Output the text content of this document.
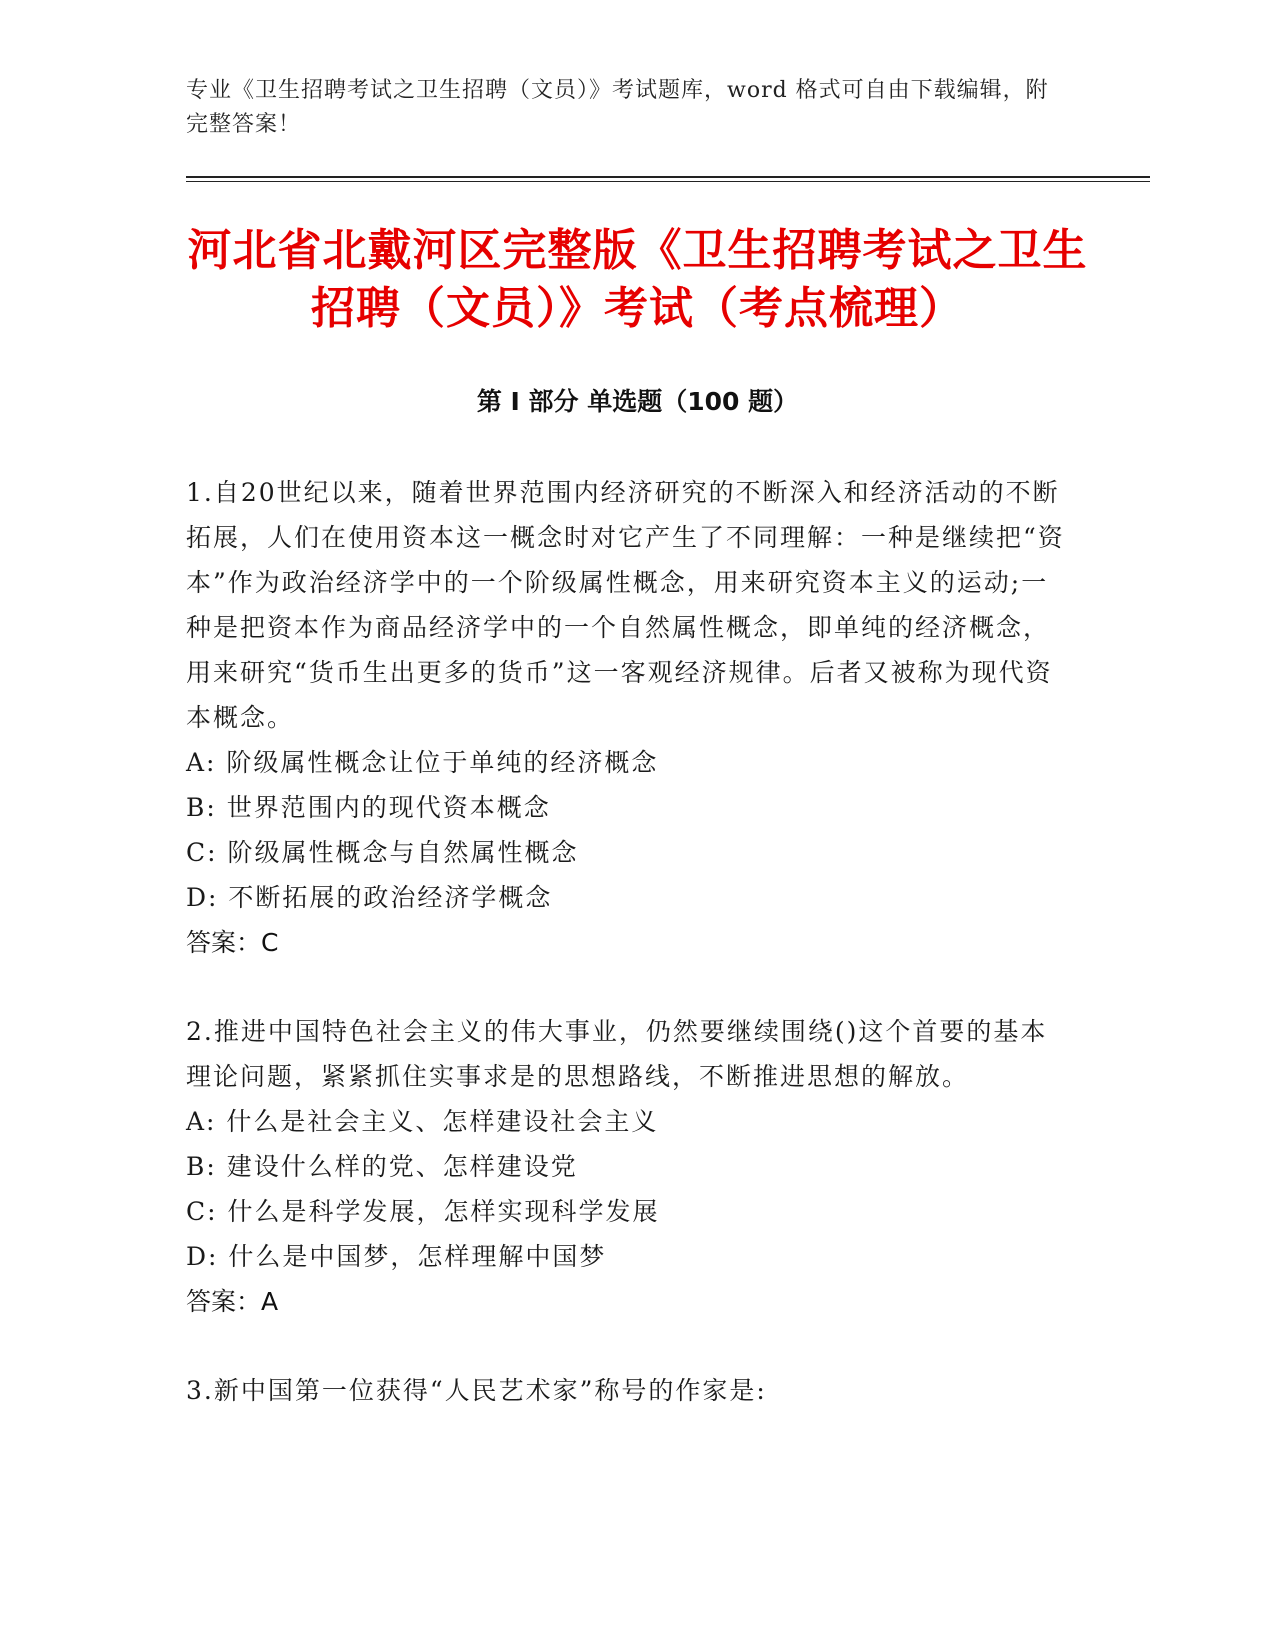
专业《卫生招聘考试之卫生招聘（文员）》考试题库，word 格式可自由下载编辑，附完整答案！
河北省北戴河区完整版《卫生招聘考试之卫生招聘（文员）》考试（考点梳理）
第 I 部分 单选题（100 题）

1.自20世纪以来，随着世界范围内经济研究的不断深入和经济活动的不断拓展，人们在使用资本这一概念时对它产生了不同理解：一种是继续把“资本”作为政治经济学中的一个阶级属性概念，用来研究资本主义的运动;一种是把资本作为商品经济学中的一个自然属性概念，即单纯的经济概念，用来研究“货币生出更多的货币”这一客观经济规律。后者又被称为现代资本概念。

A: 阶级属性概念让位于单纯的经济概念

B: 世界范围内的现代资本概念

C: 阶级属性概念与自然属性概念

D: 不断拓展的政治经济学概念

答案：C

2.推进中国特色社会主义的伟大事业，仍然要继续围绕()这个首要的基本理论问题，紧紧抓住实事求是的思想路线，不断推进思想的解放。

A: 什么是社会主义、怎样建设社会主义

B: 建设什么样的党、怎样建设党

C: 什么是科学发展，怎样实现科学发展

D: 什么是中国梦，怎样理解中国梦

答案：A

3.新中国第一位获得“人民艺术家”称号的作家是:
